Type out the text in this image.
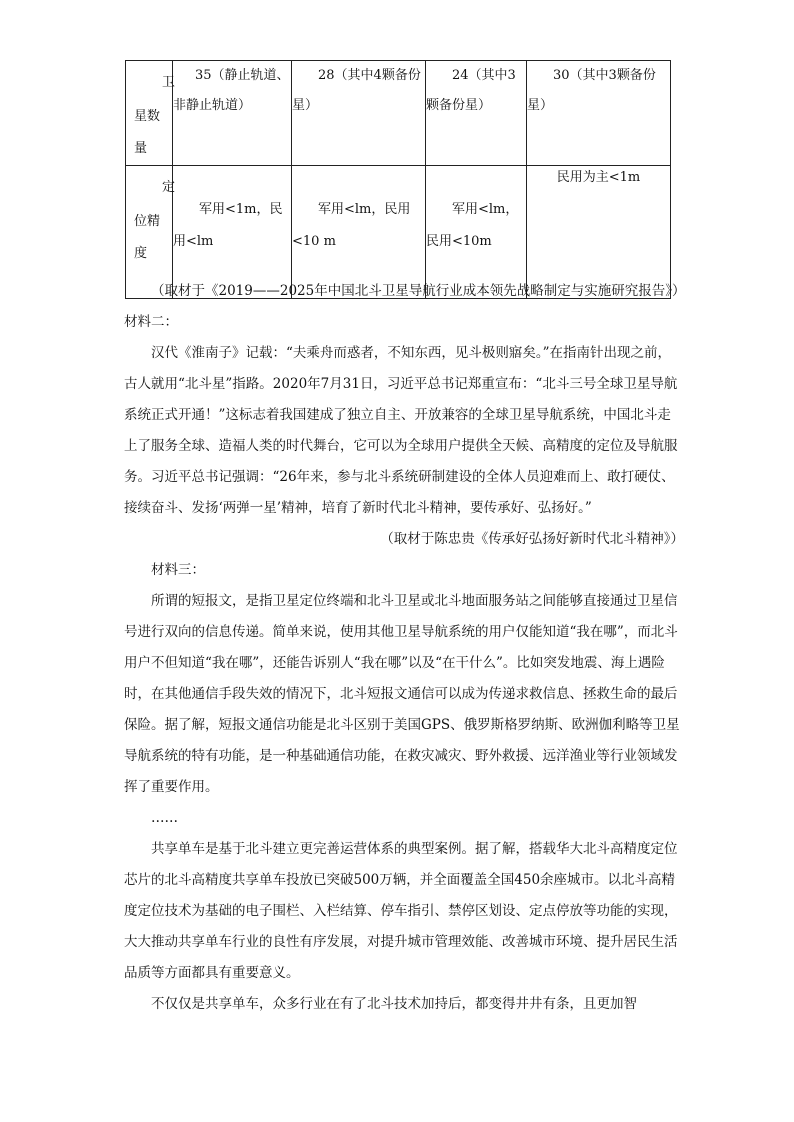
卫
星数
量	35（静止轨道、非静止轨道）	28（其中4颗备份星）	24（其中3颗备份星）	30（其中3颗备份星）

定
位精
度	军用<1m，民用<lm	军用<lm，民用<10 m	军用<lm，民用<10m	民用为主<1m

（取材于《2019——2025年中国北斗卫星导航行业成本领先战略制定与实施研究报告》）材料二：

汉代《淮南子》记载：“夫乘舟而惑者，不知东西，见斗极则寤矣。”在指南针出现之前，古人就用“北斗星”指路。2020年7月31日，习近平总书记郑重宣布：“北斗三号全球卫星导航系统正式开通！”这标志着我国建成了独立自主、开放兼容的全球卫星导航系统，中国北斗走上了服务全球、造福人类的时代舞台，它可以为全球用户提供全天候、高精度的定位及导航服务。习近平总书记强调：“26年来，参与北斗系统研制建设的全体人员迎难而上、敢打硬仗、接续奋斗、发扬‘两弹一星’精神，培育了新时代北斗精神，要传承好、弘扬好。”

（取材于陈忠贵《传承好弘扬好新时代北斗精神》）

材料三：

所谓的短报文，是指卫星定位终端和北斗卫星或北斗地面服务站之间能够直接通过卫星信号进行双向的信息传递。简单来说，使用其他卫星导航系统的用户仅能知道“我在哪”，而北斗用户不但知道“我在哪”，还能告诉别人“我在哪”以及“在干什么”。比如突发地震、海上遇险时，在其他通信手段失效的情况下，北斗短报文通信可以成为传递求救信息、拯救生命的最后保险。据了解，短报文通信功能是北斗区别于美国GPS、俄罗斯格罗纳斯、欧洲伽利略等卫星导航系统的特有功能，是一种基础通信功能，在救灾减灾、野外救援、远洋渔业等行业领域发挥了重要作用。

……

共享单车是基于北斗建立更完善运营体系的典型案例。据了解，搭载华大北斗高精度定位芯片的北斗高精度共享单车投放已突破500万辆，并全面覆盖全国450余座城市。以北斗高精度定位技术为基础的电子围栏、入栏结算、停车指引、禁停区划设、定点停放等功能的实现，大大推动共享单车行业的良性有序发展，对提升城市管理效能、改善城市环境、提升居民生活品质等方面都具有重要意义。

不仅仅是共享单车，众多行业在有了北斗技术加持后，都变得井井有条，且更加智
